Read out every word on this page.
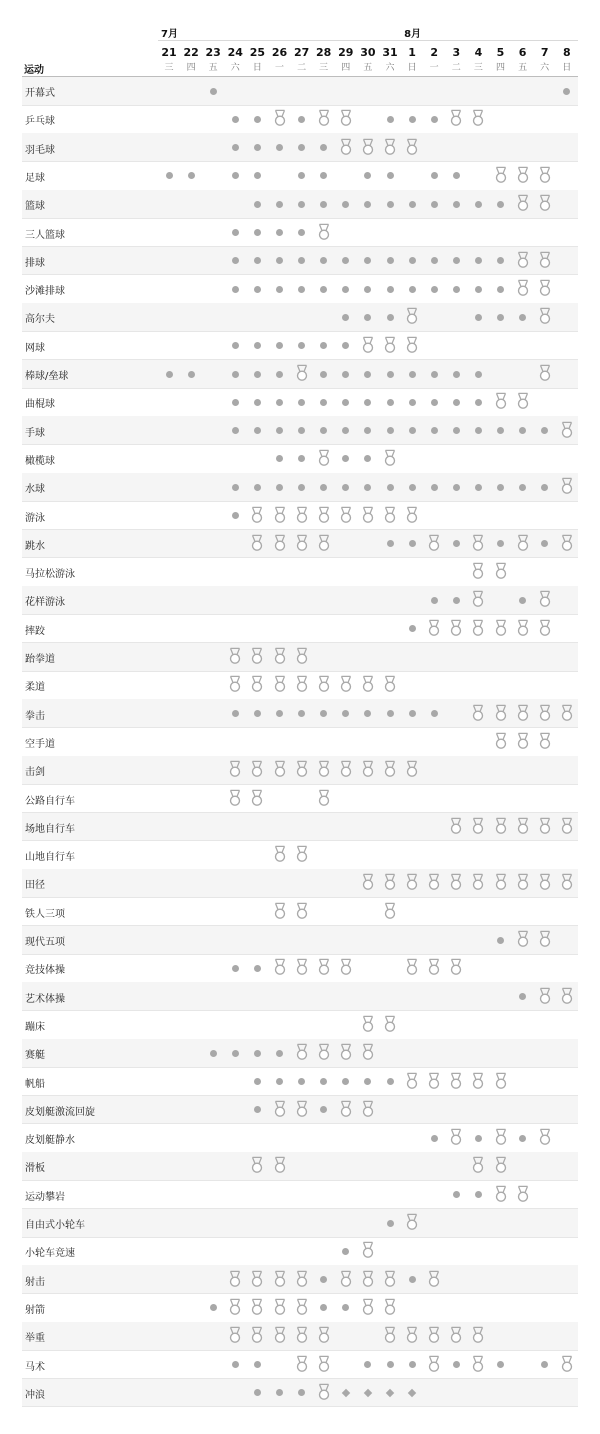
7月	8月
21
三
22
四
23
五
24
六
25
日
26
一
27
二
28
三
29
四
30
五
31
六
1
日
2
一
3
二
4
三
5
四
6
五
7
六
8
日
运动
开幕式
乒乓球
羽毛球
足球
篮球
三人篮球
排球
沙滩排球
高尔夫
网球
棒球/垒球
曲棍球
手球
橄榄球
水球
游泳
跳水
马拉松游泳
花样游泳
摔跤
跆拳道
柔道
拳击
空手道
击剑
公路自行车
场地自行车
山地自行车
田径
铁人三项
现代五项
竞技体操
艺术体操
蹦床
赛艇
帆船
皮划艇激流回旋
皮划艇静水
滑板
运动攀岩
自由式小轮车
小轮车竞速
射击
射箭
举重
马术
冲浪
